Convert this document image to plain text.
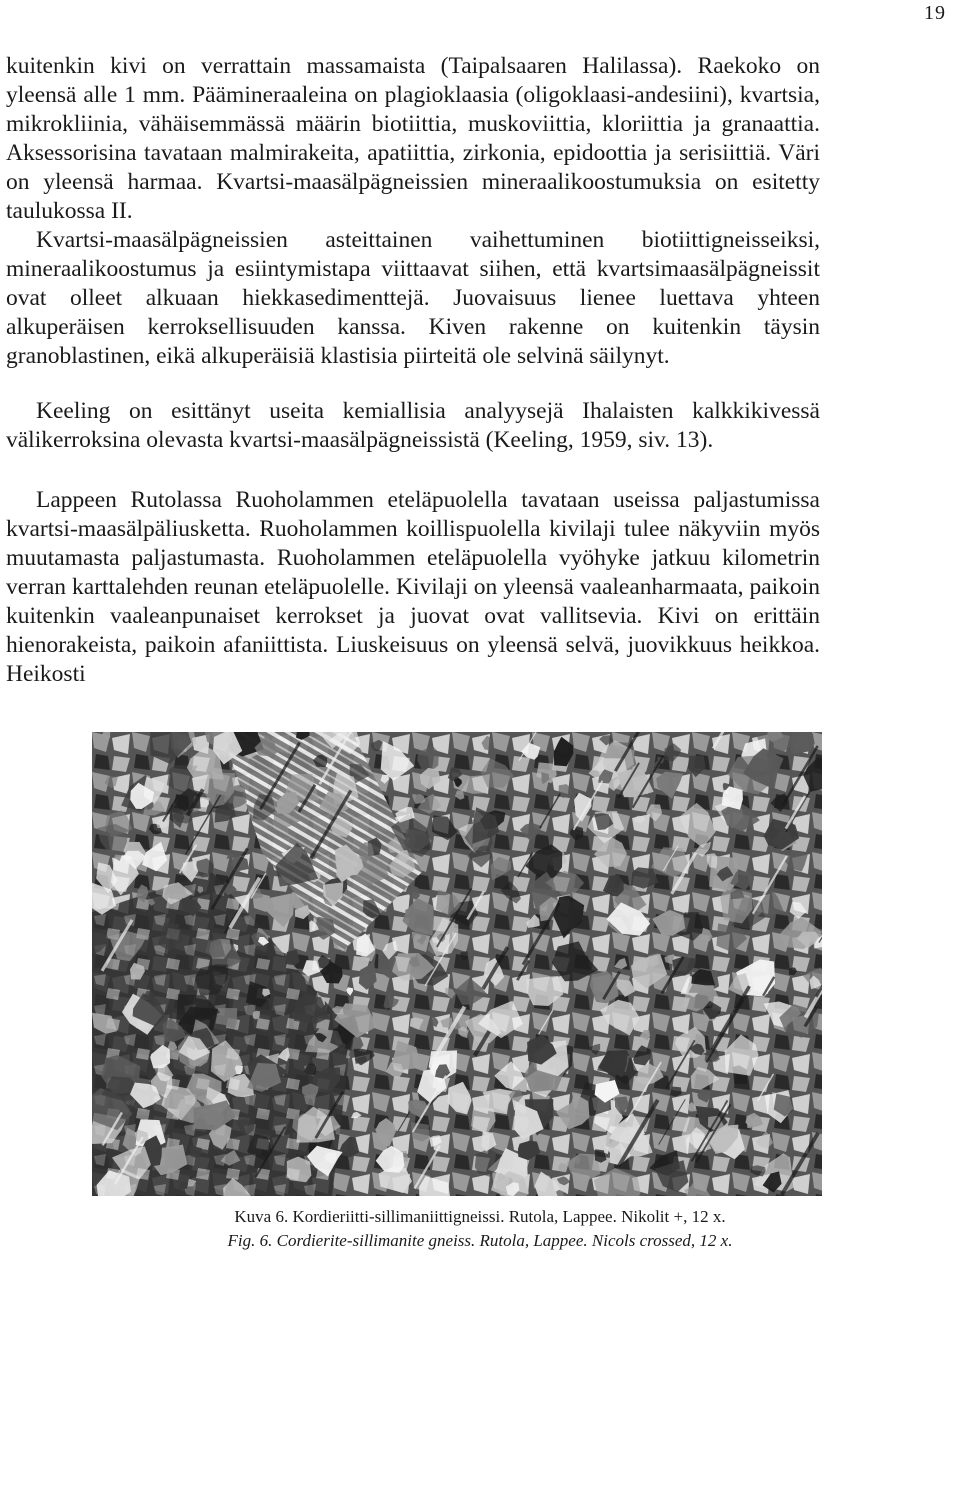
19

kuitenkin kivi on verrattain massamaista (Taipalsaaren Halilassa). Raekoko on yleensä alle 1 mm. Päämineraaleina on plagioklaasia (oligoklaasi-andesiini), kvartsia, mikrokliinia, vähäisemmässä määrin biotiittia, muskoviittia, kloriittia ja granaattia. Aksessorisina tavataan malmirakeita, apatiittia, zirkonia, epidoottia ja serisiittiä. Väri on yleensä harmaa. Kvartsi-maasälpägneissien mineraalikoostumuksia on esitetty taulukossa II.

Kvartsi-maasälpägneissien asteittainen vaihettuminen biotiittigneisseiksi, mineraalikoostumus ja esiintymistapa viittaavat siihen, että kvartsimaasälpägneissit ovat olleet alkuaan hiekkasedimenttejä. Juovaisuus lienee luettava yhteen alkuperäisen kerroksellisuuden kanssa. Kiven rakenne on kuitenkin täysin granoblastinen, eikä alkuperäisiä klastisia piirteitä ole selvinä säilynyt.

Keeling on esittänyt useita kemiallisia analyysejä Ihalaisten kalkkikivessä välikerroksina olevasta kvartsi-maasälpägneissistä (Keeling, 1959, siv. 13).

Lappeen Rutolassa Ruoholammen eteläpuolella tavataan useissa paljastumissa kvartsi-maasälpäliusketta. Ruoholammen koillispuolella kivilaji tulee näkyviin myös muutamasta paljastumasta. Ruoholammen eteläpuolella vyöhyke jatkuu kilometrin verran karttalehden reunan eteläpuolelle. Kivilaji on yleensä vaaleanharmaata, paikoin kuitenkin vaaleanpunaiset kerrokset ja juovat ovat vallitsevia. Kivi on erittäin hienorakeista, paikoin afaniittista. Liuskeisuus on yleensä selvä, juovikkuus heikkoa. Heikosti

Kuva 6. Kordieriitti-sillimaniittigneissi. Rutola, Lappee. Nikolit +, 12 x.
Fig. 6. Cordierite-sillimanite gneiss. Rutola, Lappee. Nicols crossed, 12 x.
